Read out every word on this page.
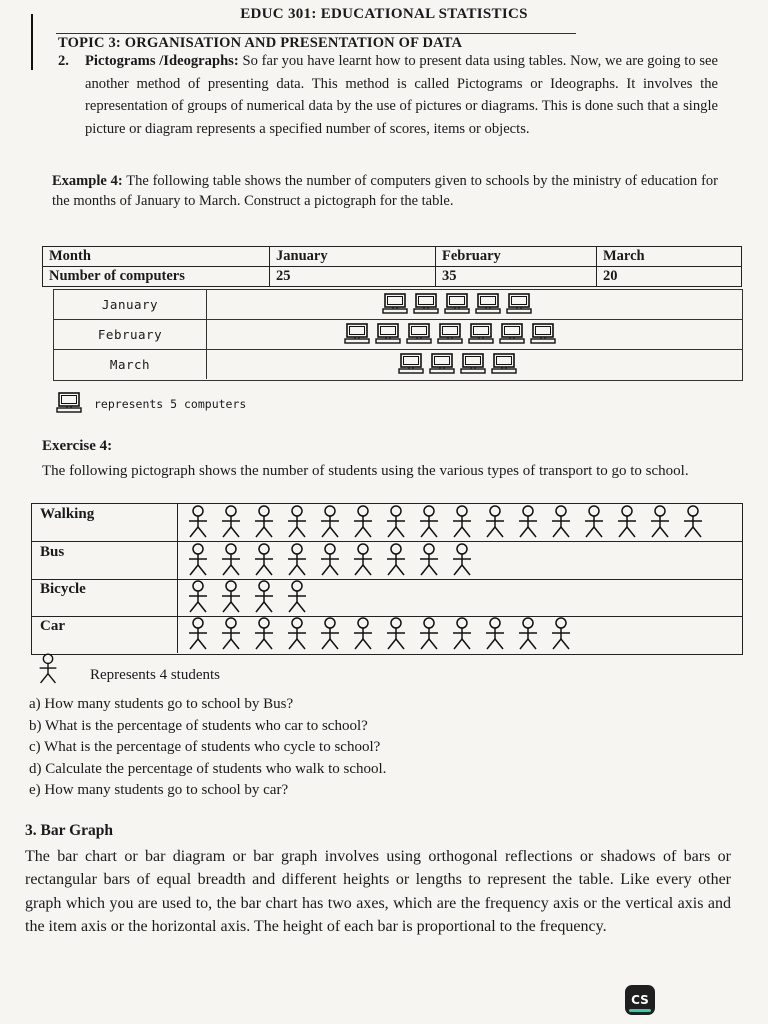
EDUC 301: EDUCATIONAL STATISTICS
TOPIC 3: ORGANISATION AND PRESENTATION OF DATA
2. Pictograms /Ideographs: So far you have learnt how to present data using tables. Now, we are going to see another method of presenting data. This method is called Pictograms or Ideographs. It involves the representation of groups of numerical data by the use of pictures or diagrams. This is done such that a single picture or diagram represents a specified number of scores, items or objects.
Example 4: The following table shows the number of computers given to schools by the ministry of education for the months of January to March. Construct a pictograph for the table.
Month	January	February	March
Number of computers	25	35	20
January
February
March
represents 5 computers
Exercise 4:
The following pictograph shows the number of students using the various types of transport to go to school.
Walking
Bus
Bicycle
Car
Represents 4 students
a) How many students go to school by Bus?
b) What is the percentage of students who car to school?
c) What is the percentage of students who cycle to school?
d) Calculate the percentage of students who walk to school.
e) How many students go to school by car?
3. Bar Graph
The bar chart or bar diagram or bar graph involves using orthogonal reflections or shadows of bars or rectangular bars of equal breadth and different heights or lengths to represent the table. Like every other graph which you are used to, the bar chart has two axes, which are the frequency axis or the vertical axis and the item axis or the horizontal axis. The height of each bar is proportional to the frequency.
CS
